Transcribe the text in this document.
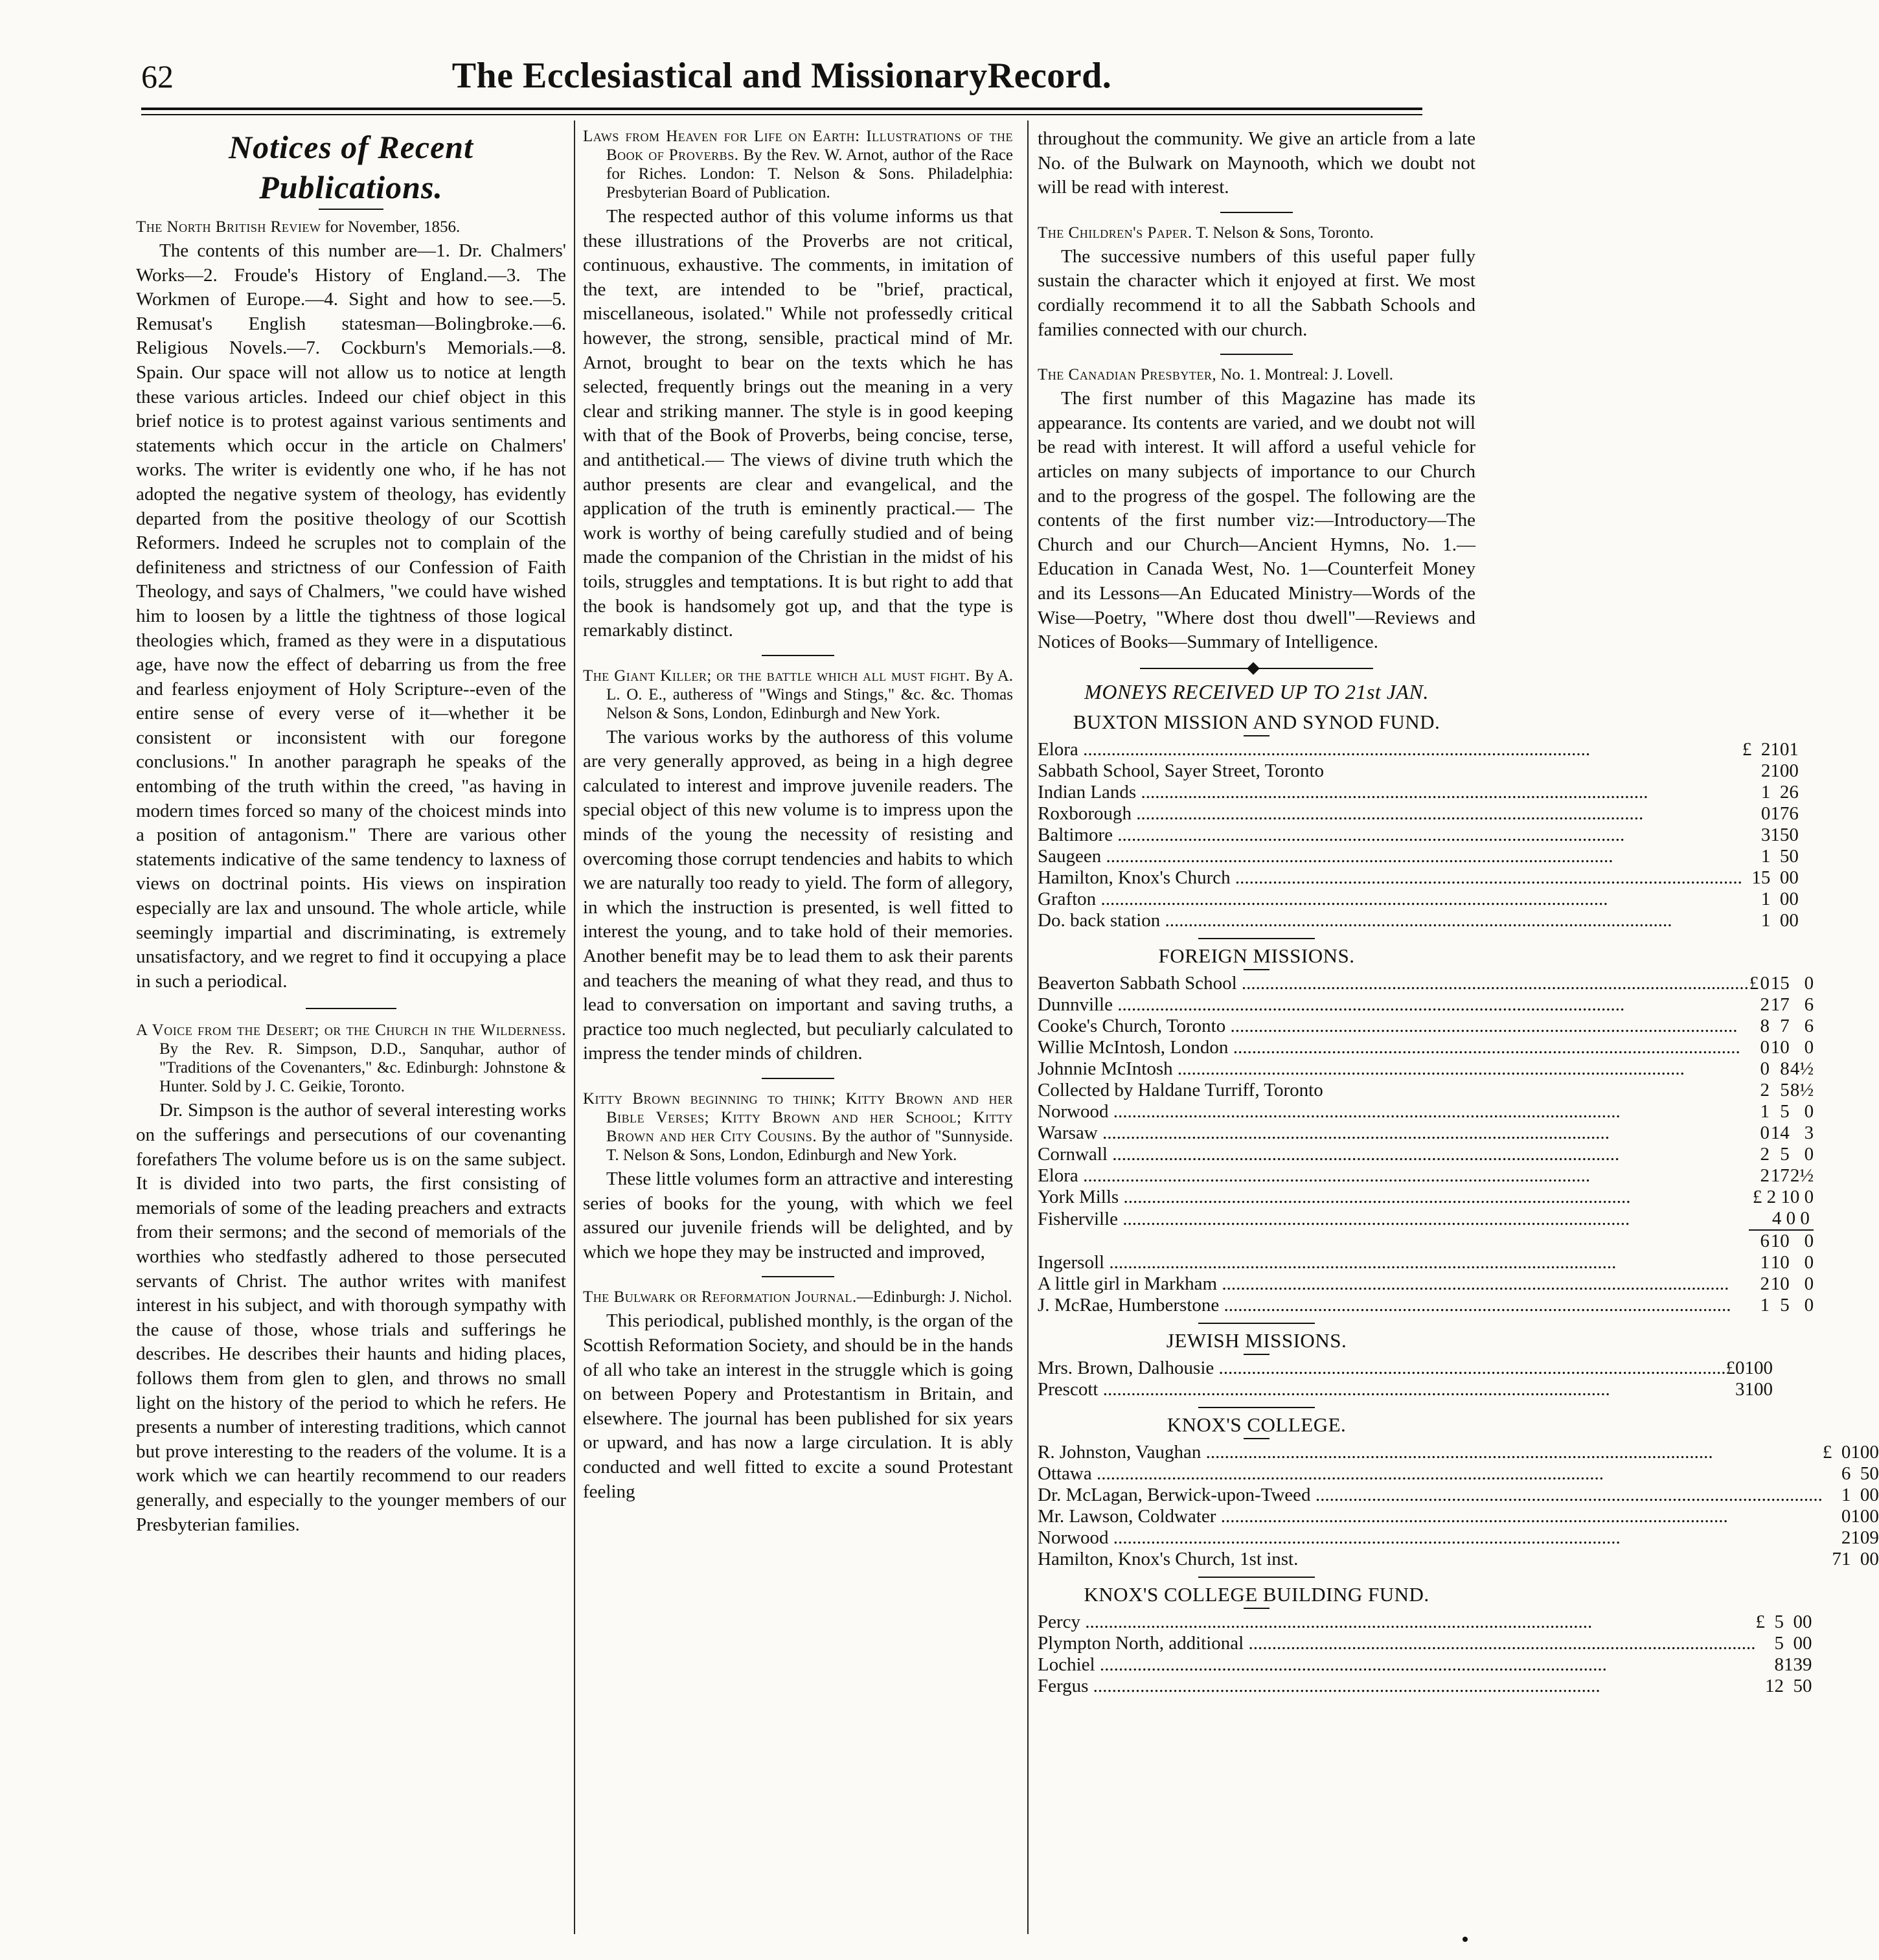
62	The Ecclesiastical and MissionaryRecord.
Notices of Recent Publications.

The North British Review for November, 1856.

The contents of this number are—1. Dr. Chalmers' Works—2. Froude's History of England.—3. The Workmen of Europe.—4. Sight and how to see.—5. Remusat's English statesman—Bolingbroke.—6. Religious Novels.—7. Cockburn's Memorials.—8. Spain. Our space will not allow us to notice at length these various articles. Indeed our chief object in this brief notice is to protest against various sentiments and statements which occur in the article on Chalmers' works. The writer is evidently one who, if he has not adopted the negative system of theology, has evidently departed from the positive theology of our Scottish Reformers. Indeed he scruples not to complain of the definiteness and strictness of our Confession of Faith Theology, and says of Chalmers, "we could have wished him to loosen by a little the tightness of those logical theologies which, framed as they were in a disputatious age, have now the effect of debarring us from the free and fearless enjoyment of Holy Scripture--even of the entire sense of every verse of it—whether it be consistent or inconsistent with our foregone conclusions." In another paragraph he speaks of the entombing of the truth within the creed, "as having in modern times forced so many of the choicest minds into a position of antagonism." There are various other statements indicative of the same tendency to laxness of views on doctrinal points. His views on inspiration especially are lax and unsound. The whole article, while seemingly impartial and discriminating, is extremely unsatisfactory, and we regret to find it occupying a place in such a periodical.

A Voice from the Desert; or the Church in the Wilderness. By the Rev. R. Simpson, D.D., Sanquhar, author of "Traditions of the Covenanters," &c. Edinburgh: Johnstone & Hunter. Sold by J. C. Geikie, Toronto.

Dr. Simpson is the author of several interesting works on the sufferings and persecutions of our covenanting forefathers The volume before us is on the same subject. It is divided into two parts, the first consisting of memorials of some of the leading preachers and extracts from their sermons; and the second of memorials of the worthies who stedfastly adhered to those persecuted servants of Christ. The author writes with manifest interest in his subject, and with thorough sympathy with the cause of those, whose trials and sufferings he describes. He describes their haunts and hiding places, follows them from glen to glen, and throws no small light on the history of the period to which he refers. He presents a number of interesting traditions, which cannot but prove interesting to the readers of the volume. It is a work which we can heartily recommend to our readers generally, and especially to the younger members of our Presbyterian families.

Laws from Heaven for Life on Earth: Illustrations of the Book of Proverbs. By the Rev. W. Arnot, author of the Race for Riches. London: T. Nelson & Sons. Philadelphia: Presbyterian Board of Publication.

The respected author of this volume informs us that these illustrations of the Proverbs are not critical, continuous, exhaustive. The comments, in imitation of the text, are intended to be "brief, practical, miscellaneous, isolated." While not professedly critical however, the strong, sensible, practical mind of Mr. Arnot, brought to bear on the texts which he has selected, frequently brings out the meaning in a very clear and striking manner. The style is in good keeping with that of the Book of Proverbs, being concise, terse, and antithetical.— The views of divine truth which the author presents are clear and evangelical, and the application of the truth is eminently practical.— The work is worthy of being carefully studied and of being made the companion of the Christian in the midst of his toils, struggles and temptations. It is but right to add that the book is handsomely got up, and that the type is remarkably distinct.

The Giant Killer; or the battle which all must fight. By A. L. O. E., autheress of "Wings and Stings," &c. &c. Thomas Nelson & Sons, London, Edinburgh and New York.

The various works by the authoress of this volume are very generally approved, as being in a high degree calculated to interest and improve juvenile readers. The special object of this new volume is to impress upon the minds of the young the necessity of resisting and overcoming those corrupt tendencies and habits to which we are naturally too ready to yield. The form of allegory, in which the instruction is presented, is well fitted to interest the young, and to take hold of their memories. Another benefit may be to lead them to ask their parents and teachers the meaning of what they read, and thus to lead to conversation on important and saving truths, a practice too much neglected, but peculiarly calculated to impress the tender minds of children.

Kitty Brown beginning to think; Kitty Brown and her Bible Verses; Kitty Brown and her School; Kitty Brown and her City Cousins. By the author of "Sunnyside. T. Nelson & Sons, London, Edinburgh and New York.

These little volumes form an attractive and interesting series of books for the young, with which we feel assured our juvenile friends will be delighted, and by which we hope they may be instructed and improved,

The Bulwark or Reformation Journal.—Edinburgh: J. Nichol.

This periodical, published monthly, is the organ of the Scottish Reformation Society, and should be in the hands of all who take an interest in the struggle which is going on between Popery and Protestantism in Britain, and elsewhere. The journal has been published for six years or upward, and has now a large circulation. It is ably conducted and well fitted to excite a sound Protestant feeling

throughout the community. We give an article from a late No. of the Bulwark on Maynooth, which we doubt not will be read with interest.

The Children's Paper. T. Nelson & Sons, Toronto.

The successive numbers of this useful paper fully sustain the character which it enjoyed at first. We most cordially recommend it to all the Sabbath Schools and families connected with our church.

The Canadian Presbyter, No. 1. Montreal: J. Lovell.

The first number of this Magazine has made its appearance. Its contents are varied, and we doubt not will be read with interest. It will afford a useful vehicle for articles on many subjects of importance to our Church and to the progress of the gospel. The following are the contents of the first number viz:—Introductory—The Church and our Church—Ancient Hymns, No. 1.—Education in Canada West, No. 1—Counterfeit Money and its Lessons—An Educated Ministry—Words of the Wise—Poetry, "Where dost thou dwell"—Reviews and Notices of Books—Summary of Intelligence.

MONEYS RECEIVED UP TO 21st JAN.
BUXTON MISSION AND SYNOD FUND.
Elora .....	£	2	10	1
Sabbath School, Sayer Street, Toronto		2	10	0
Indian Lands .....		1	2	6
Roxborough .....		0	17	6
Baltimore .....		3	15	0
Saugeen .....		1	5	0
Hamilton, Knox's Church .....		15	0	0
Grafton .....		1	0	0
Do. back station .....		1	0	0
FOREIGN MISSIONS.
Beaverton Sabbath School .....	£	0	15	0
Dunnville .....		2	17	6
Cooke's Church, Toronto .....		8	7	6
Willie McIntosh, London .....		0	10	0
Johnnie McIntosh .....		0	8	4½
Collected by Haldane Turriff, Toronto		2	5	8½
Norwood .....		1	5	0
Warsaw .....		0	14	3
Cornwall .....		2	5	0
Elora .....		2	17	2½
York Mills .....	£ 2 10 0			
Fisherville .....	4 0 0			
		6	10	0
Ingersoll .....		1	10	0
A little girl in Markham .....		2	10	0
J. McRae, Humberstone .....		1	5	0
JEWISH MISSIONS.
Mrs. Brown, Dalhousie .....	£	0	10	0
Prescott .....		3	10	0
KNOX'S COLLEGE.
R. Johnston, Vaughan .....	£	0	10	0
Ottawa .....		6	5	0
Dr. McLagan, Berwick-upon-Tweed .....		1	0	0
Mr. Lawson, Coldwater .....		0	10	0
Norwood .....		2	10	9
Hamilton, Knox's Church, 1st inst.		71	0	0
KNOX'S COLLEGE BUILDING FUND.
Percy .....	£	5	0	0
Plympton North, additional .....		5	0	0
Lochiel .....		8	13	9
Fergus .....		12	5	0
